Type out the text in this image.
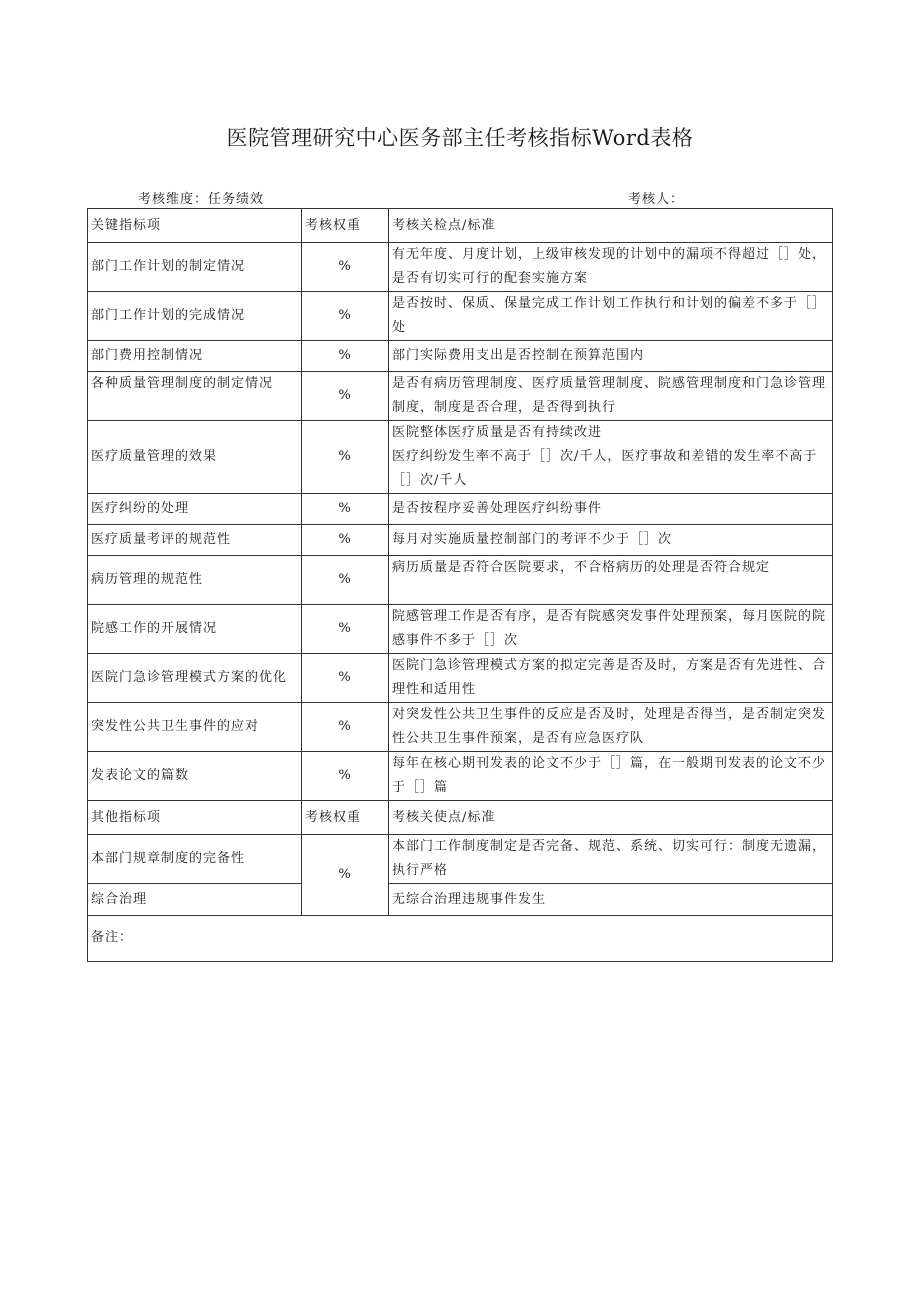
医院管理研究中心医务部主任考核指标Word表格
考核维度：任务绩效	考核人：
关键指标项	考核权重	考核关检点/标准
部门工作计划的制定情况	%	有无年度、月度计划，上级审核发现的计划中的漏项不得超过［］处，是否有切实可行的配套实施方案

部门工作计划的完成情况	%	是否按时、保质、保量完成工作计划工作执行和计划的偏差不多于［］处

部门费用控制情况	%	部门实际费用支出是否控制在预算范围内

各种质量管理制度的制定情况	%	是否有病历管理制度、医疗质量管理制度、院感管理制度和门急诊管理制度，制度是否合理，是否得到执行

医疗质量管理的效果	%	医院整体医疗质量是否有持续改进
医疗纠纷发生率不高于［］次/千人，医疗事故和差错的发生率不高于［］次/千人

医疗纠纷的处理	%	是否按程序妥善处理医疗纠纷事件

医疗质量考评的规范性	%	每月对实施质量控制部门的考评不少于［］次

病历管理的规范性	%	病历质量是否符合医院要求，不合格病历的处理是否符合规定

院感工作的开展情况	%	院感管理工作是否有序，是否有院感突发事件处理预案，每月医院的院感事件不多于［］次

医院门急诊管理模式方案的优化	%	医院门急诊管理模式方案的拟定完善是否及时，方案是否有先进性、合理性和适用性

突发性公共卫生事件的应对	%	对突发性公共卫生事件的反应是否及时，处理是否得当，是否制定突发性公共卫生事件预案，是否有应急医疗队

发表论文的篇数	%	每年在核心期刊发表的论文不少于［］篇，在一般期刊发表的论文不少于［］篇

其他指标项	考核权重	考核关使点/标准
本部门规章制度的完备性	%	本部门工作制度制定是否完备、规范、系统、切实可行：制度无遗漏，执行严格
综合治理		无综合治理违规事件发生
备注：		
